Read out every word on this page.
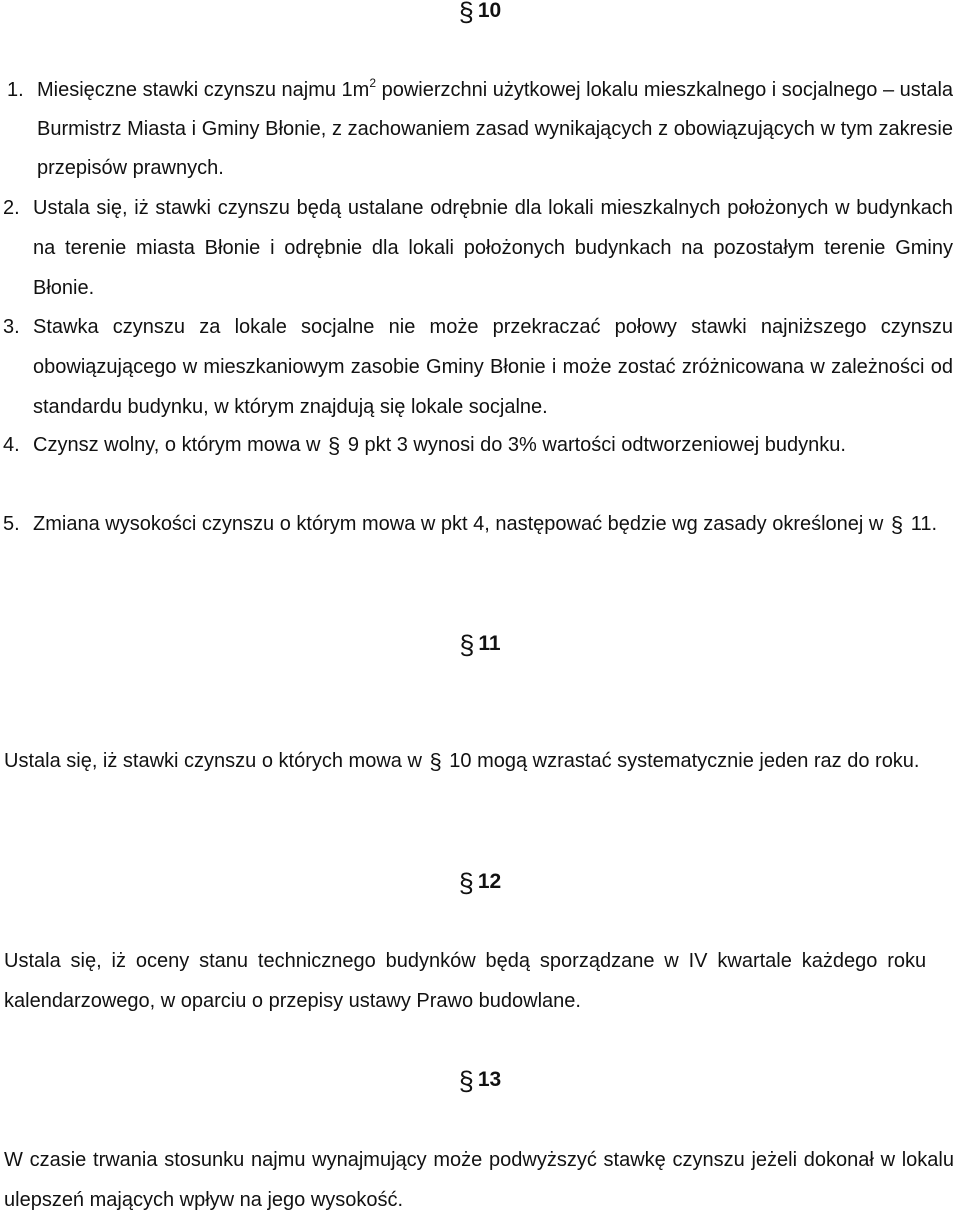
§ 10

1. Miesięczne stawki czynszu najmu $1m^2$ powierzchni użytkowej lokalu mieszkalnego i socjalnego – ustala Burmistrz Miasta i Gminy Błonie, z zachowaniem zasad wynikających z obowiązujących w tym zakresie przepisów prawnych.

2. Ustala się, iż stawki czynszu będą ustalane odrębnie dla lokali mieszkalnych położonych w budynkach na terenie miasta Błonie i odrębnie dla lokali położonych budynkach na pozostałym terenie Gminy Błonie.

3. Stawka czynszu za lokale socjalne nie może przekraczać połowy stawki najniższego czynszu obowiązującego w mieszkaniowym zasobie Gminy Błonie i może zostać zróżnicowana w zależności od standardu budynku, w którym znajdują się lokale socjalne.

4. Czynsz wolny, o którym mowa w § 9 pkt 3 wynosi do 3% wartości odtworzeniowej budynku.

5. Zmiana wysokości czynszu o którym mowa w pkt 4, następować będzie wg zasady określonej w § 11.

§ 11

Ustala się, iż stawki czynszu o których mowa w § 10 mogą wzrastać systematycznie jeden raz do roku.

§ 12

Ustala się, iż oceny stanu technicznego budynków będą sporządzane w IV kwartale każdego roku kalendarzowego, w oparciu o przepisy ustawy Prawo budowlane.

§ 13

W czasie trwania stosunku najmu wynajmujący może podwyższyć stawkę czynszu jeżeli dokonał w lokalu ulepszeń mających wpływ na jego wysokość.
